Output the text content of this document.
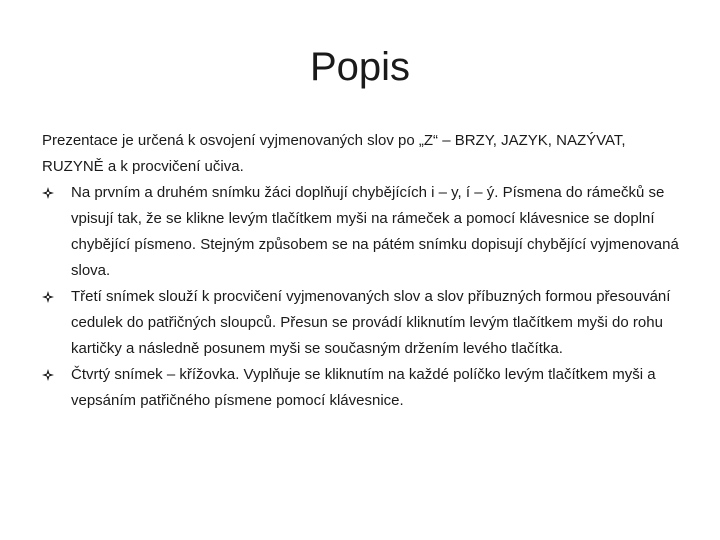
Popis

Prezentace je určená k osvojení vyjmenovaných slov po „Z“ – BRZY, JAZYK, NAZÝVAT, RUZYNĚ a k procvičení učiva.

Na prvním a druhém snímku žáci doplňují chybějících i – y, í – ý. Písmena do rámečků se vpisují tak, že se klikne levým tlačítkem myši na rámeček a pomocí klávesnice se doplní chybějící písmeno. Stejným způsobem se na pátém snímku dopisují chybějící vyjmenovaná slova.
Třetí snímek slouží k procvičení vyjmenovaných slov a slov příbuzných formou přesouvání cedulek do patřičných sloupců. Přesun se provádí kliknutím levým tlačítkem myši do rohu kartičky a následně posunem myši se současným držením levého tlačítka.
Čtvrtý snímek – křížovka. Vyplňuje se kliknutím na každé políčko levým tlačítkem myši a vepsáním patřičného písmene pomocí klávesnice.
